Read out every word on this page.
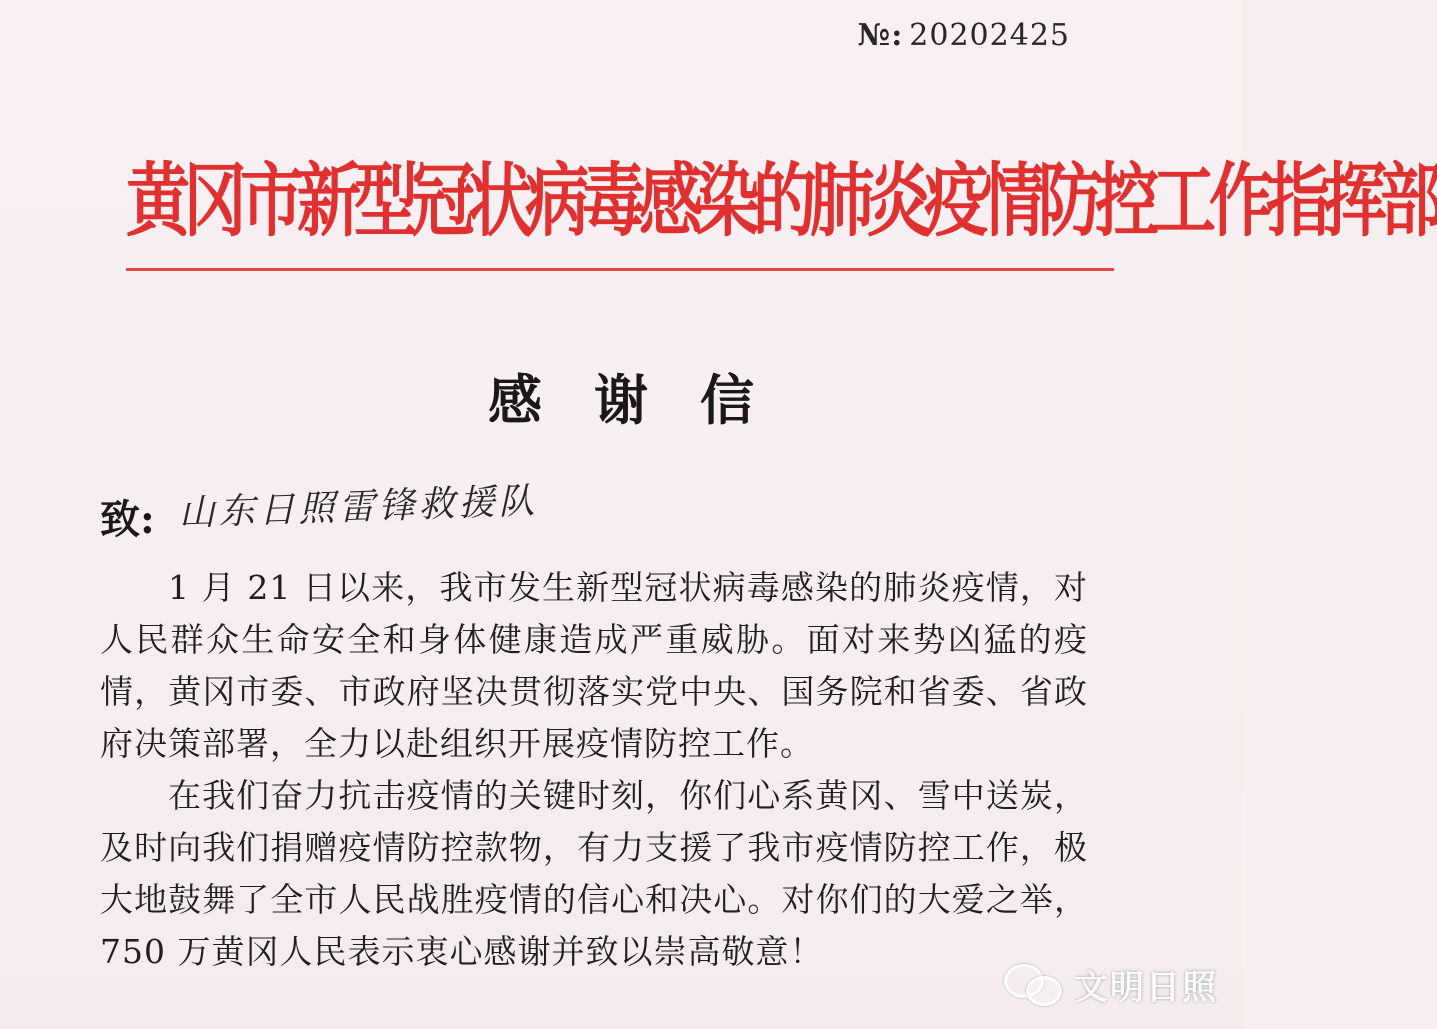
№: 20202425
黄冈市新型冠状病毒感染的肺炎疫情防控工作指挥部
感谢信
致: 山东日照雷锋救援队

1 月 21 日以来，我市发生新型冠状病毒感染的肺炎疫情，对人民群众生命安全和身体健康造成严重威胁。面对来势凶猛的疫情，黄冈市委、市政府坚决贯彻落实党中央、国务院和省委、省政府决策部署，全力以赴组织开展疫情防控工作。

在我们奋力抗击疫情的关键时刻，你们心系黄冈、雪中送炭，及时向我们捐赠疫情防控款物，有力支援了我市疫情防控工作，极大地鼓舞了全市人民战胜疫情的信心和决心。对你们的大爱之举，750 万黄冈人民表示衷心感谢并致以崇高敬意！

文明日照
